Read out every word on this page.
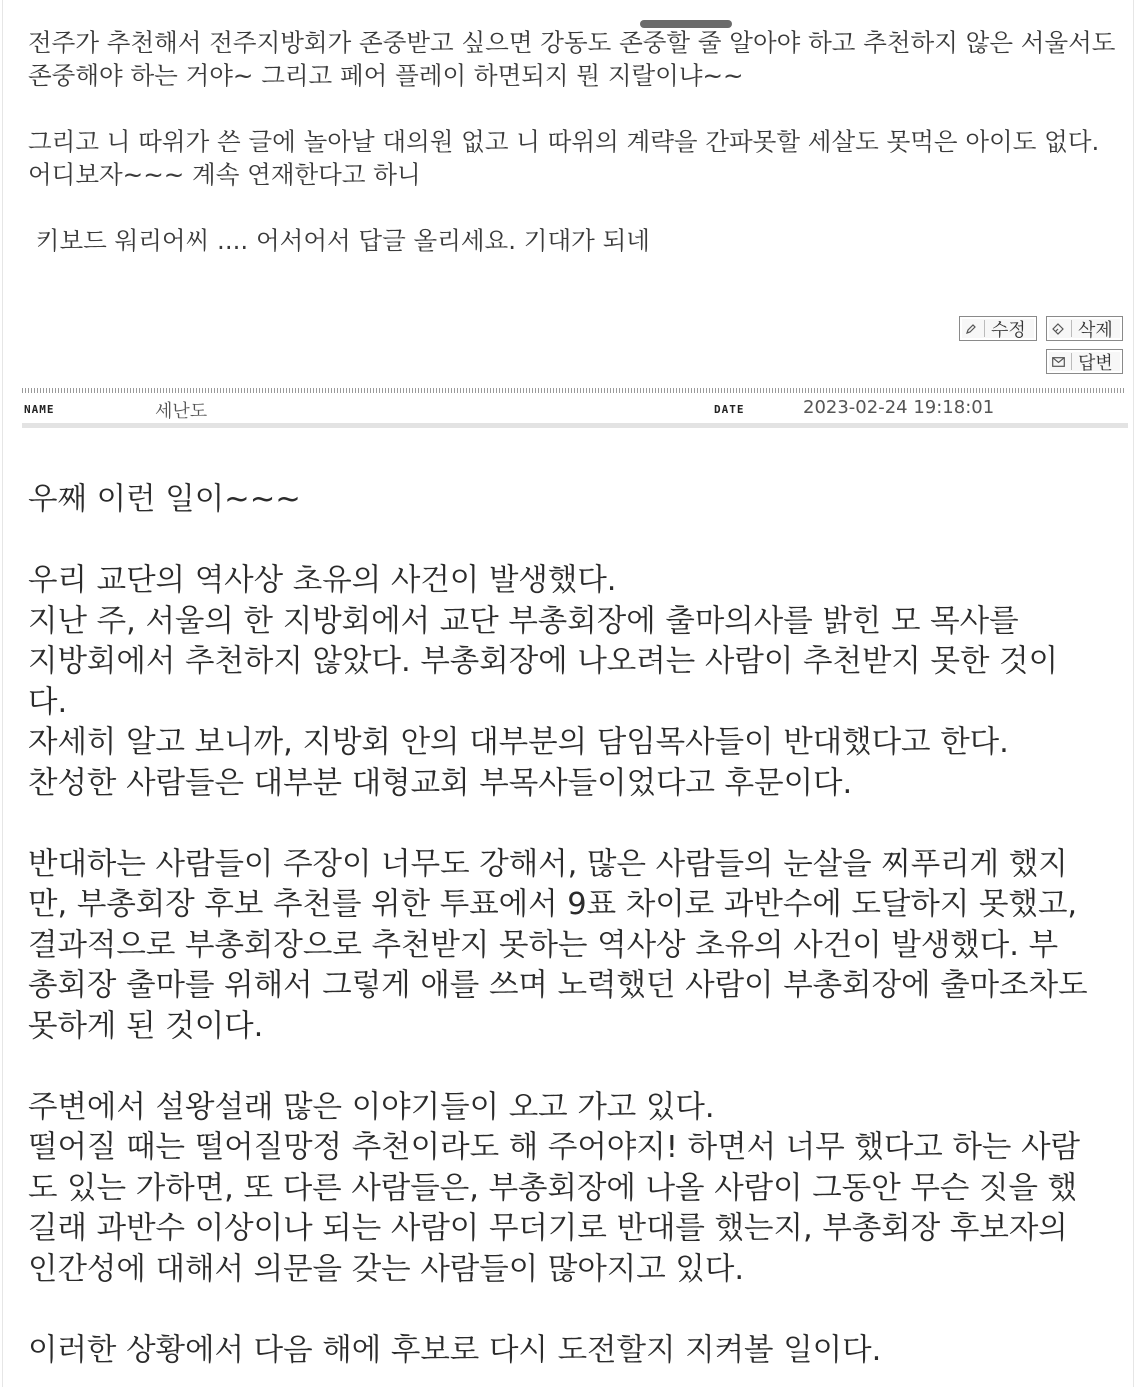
전주가 추천해서 전주지방회가 존중받고 싶으면 강동도 존중할 줄 알아야 하고 추천하지 않은 서울서도 존중해야 하는 거야~ 그리고 페어 플레이 하면되지 뭔 지랄이냐~~

그리고 니 따위가 쓴 글에 놀아날 대의원 없고 니 따위의 계략을 간파못할 세살도 못먹은 아이도 없다. 어디보자~~~ 계속 연재한다고 하니

키보드 워리어씨 .... 어서어서 답글 올리세요. 기대가 되네

수정	삭제
답변
NAME	세난도	DATE	2023-02-24 19:18:01

우째 이런 일이~~~

우리 교단의 역사상 초유의 사건이 발생했다.

지난 주, 서울의 한 지방회에서 교단 부총회장에 출마의사를 밝힌 모 목사를

지방회에서 추천하지 않았다. 부총회장에 나오려는 사람이 추천받지 못한 것이

다.

자세히 알고 보니까, 지방회 안의 대부분의 담임목사들이 반대했다고 한다.

찬성한 사람들은 대부분 대형교회 부목사들이었다고 후문이다.

반대하는 사람들이 주장이 너무도 강해서, 많은 사람들의 눈살을 찌푸리게 했지

만, 부총회장 후보 추천를 위한 투표에서 9표 차이로 과반수에 도달하지 못했고,

결과적으로 부총회장으로 추천받지 못하는 역사상 초유의 사건이 발생했다. 부

총회장 출마를 위해서 그렇게 애를 쓰며 노력했던 사람이 부총회장에 출마조차도

못하게 된 것이다.

주변에서 설왕설래 많은 이야기들이 오고 가고 있다.

떨어질 때는 떨어질망정 추천이라도 해 주어야지! 하면서 너무 했다고 하는 사람

도 있는 가하면, 또 다른 사람들은, 부총회장에 나올 사람이 그동안 무슨 짓을 했

길래 과반수 이상이나 되는 사람이 무더기로 반대를 했는지, 부총회장 후보자의

인간성에 대해서 의문을 갖는 사람들이 많아지고 있다.

이러한 상황에서 다음 해에 후보로 다시 도전할지 지켜볼 일이다.
